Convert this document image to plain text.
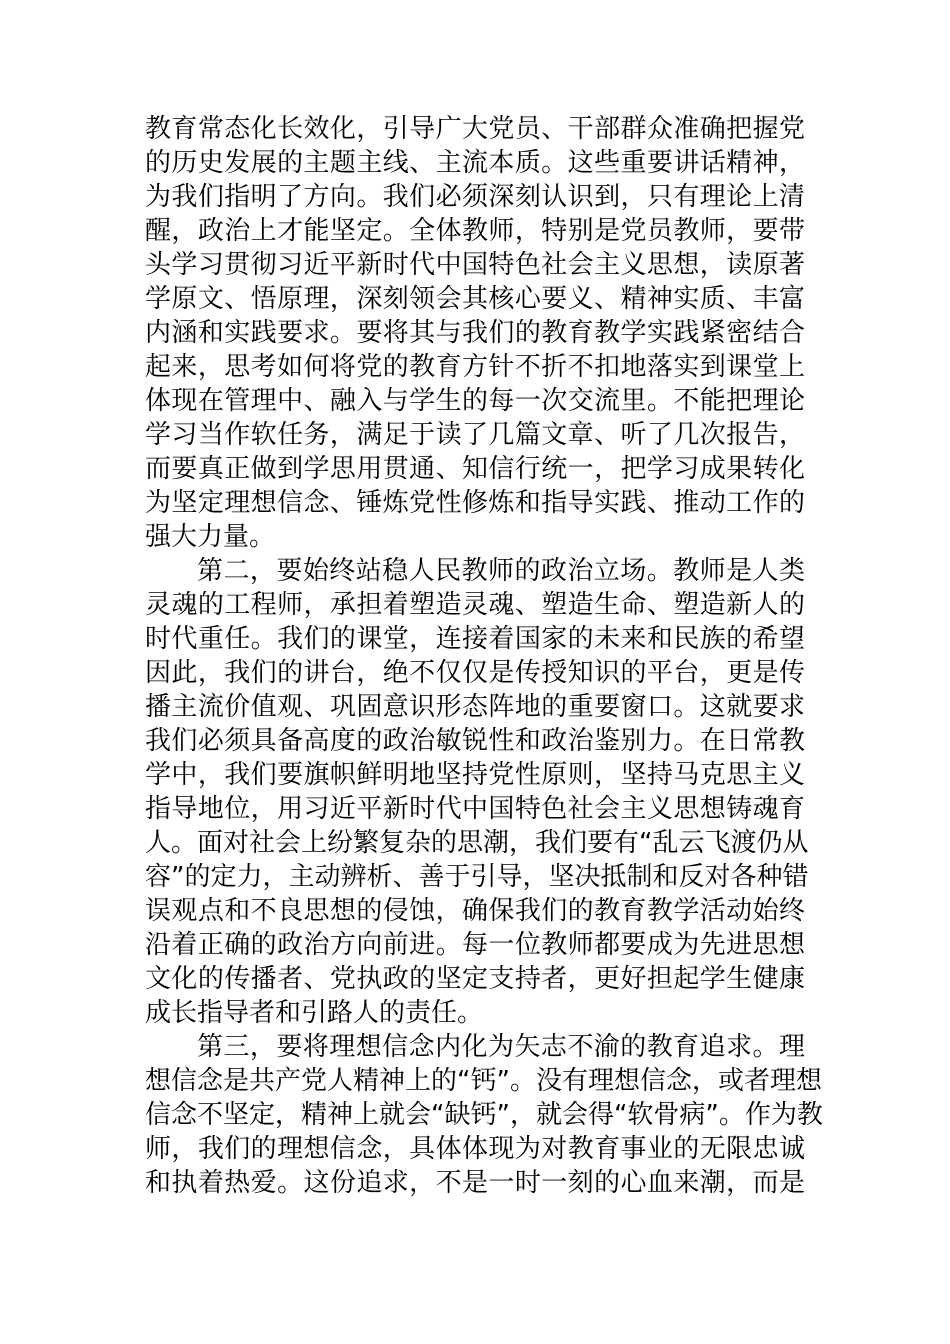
教育常态化长效化，引导广大党员、干部群众准确把握党
的历史发展的主题主线、主流本质。这些重要讲话精神，
为我们指明了方向。我们必须深刻认识到，只有理论上清
醒，政治上才能坚定。全体教师，特别是党员教师，要带
头学习贯彻习近平新时代中国特色社会主义思想，读原著
学原文、悟原理，深刻领会其核心要义、精神实质、丰富
内涵和实践要求。要将其与我们的教育教学实践紧密结合
起来，思考如何将党的教育方针不折不扣地落实到课堂上
体现在管理中、融入与学生的每一次交流里。不能把理论
学习当作软任务，满足于读了几篇文章、听了几次报告，
而要真正做到学思用贯通、知信行统一，把学习成果转化
为坚定理想信念、锤炼党性修炼和指导实践、推动工作的
强大力量。
第二，要始终站稳人民教师的政治立场。教师是人类
灵魂的工程师，承担着塑造灵魂、塑造生命、塑造新人的
时代重任。我们的课堂，连接着国家的未来和民族的希望
因此，我们的讲台，绝不仅仅是传授知识的平台，更是传
播主流价值观、巩固意识形态阵地的重要窗口。这就要求
我们必须具备高度的政治敏锐性和政治鉴别力。在日常教
学中，我们要旗帜鲜明地坚持党性原则，坚持马克思主义
指导地位，用习近平新时代中国特色社会主义思想铸魂育
人。面对社会上纷繁复杂的思潮，我们要有“乱云飞渡仍从
容”的定力，主动辨析、善于引导，坚决抵制和反对各种错
误观点和不良思想的侵蚀，确保我们的教育教学活动始终
沿着正确的政治方向前进。每一位教师都要成为先进思想
文化的传播者、党执政的坚定支持者，更好担起学生健康
成长指导者和引路人的责任。
第三，要将理想信念内化为矢志不渝的教育追求。理
想信念是共产党人精神上的“钙”。没有理想信念，或者理想
信念不坚定，精神上就会“缺钙”，就会得“软骨病”。作为教
师，我们的理想信念，具体体现为对教育事业的无限忠诚
和执着热爱。这份追求，不是一时一刻的心血来潮，而是
